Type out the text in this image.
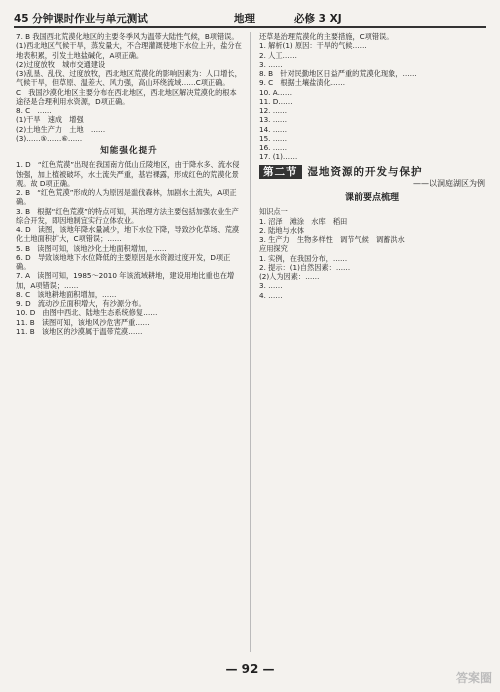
45 分钟课时作业与单元测试	地理	必修 3 XJ

7. B 我国西北荒漠化地区的主要冬季风为温带大陆性气候，B项错误。

(1)西北地区气候干旱，蒸发量大，不合理灌溉使地下水位上升，盐分在地表积累，引发土地盐碱化，A项正确。

(2)过度放牧　城市交通建设

(3)乱垦、乱伐、过度放牧，西北地区荒漠化的影响因素为：人口增长，气候干旱，但草原、温差大、风力强，高山环绕流域……C项正确。

C　我国沙漠化地区主要分布在西北地区，西北地区解决荒漠化的根本途径是合理利用水资源，D项正确。

8. C　……

(1)干旱　速成　增强

(2)土地生产力　土地　……

(3)……⑤……⑥……

知能强化提升

1. D　“红色荒漠”出现在我国南方低山丘陵地区，由于降水多、流水侵蚀强，加上植被破坏，水土流失严重，基岩裸露，形成红色的荒漠化景观。故 D项正确。

2. B　“红色荒漠”形成的人为原因是滥伐森林，加剧水土流失，A项正确。

3. B　根据“红色荒漠”的特点可知，其治理方法主要包括加强农业生产综合开发，即因地制宜实行立体农业。

4. D　读图，该地年降水量减少，地下水位下降，导致沙化草场、荒漠化土地面积扩大，C项错误；……

5. B　读图可知，该地沙化土地面积增加，……

6. D　导致该地地下水位降低的主要原因是水资源过度开发，D项正确。

7. A　读图可知，1985～2010 年该流域耕地，建设用地比重也在增加，A项错误；……

8. C　该地耕地面积增加，……

9. D　流动沙丘面积增大，有沙源分布。

10. D　由图中西北、陆地生态系统修复……

11. B　读图可知，该地风沙危害严重……

11. B　该地区的沙漠属于温带荒漠……

还草是治理荒漠化的主要措施，C项错误。

1. 解析(1) 原因：干旱的气候……

2. 人工……

3. ……

8. B　针对民勤地区日益严重的荒漠化现象，……

9. C　根据土壤盐渍化……

10. A……

11. D……

12. ……

13. ……

14. ……

15. ……

16. ……

17. (1)……

第二节 湿地资源的开发与保护
——以洞庭湖区为例
课前要点梳理

知识点一

1. 沼泽　滩涂　水库　稻田

2. 陆地与水体

3. 生产力　生物多样性　调节气候　调蓄洪水

应用探究

1. 实例，在我国分布，……

2. 提示：(1)自然因素：……

(2)人为因素：……

3. ……

4. ……

— 92 —
答案圈
